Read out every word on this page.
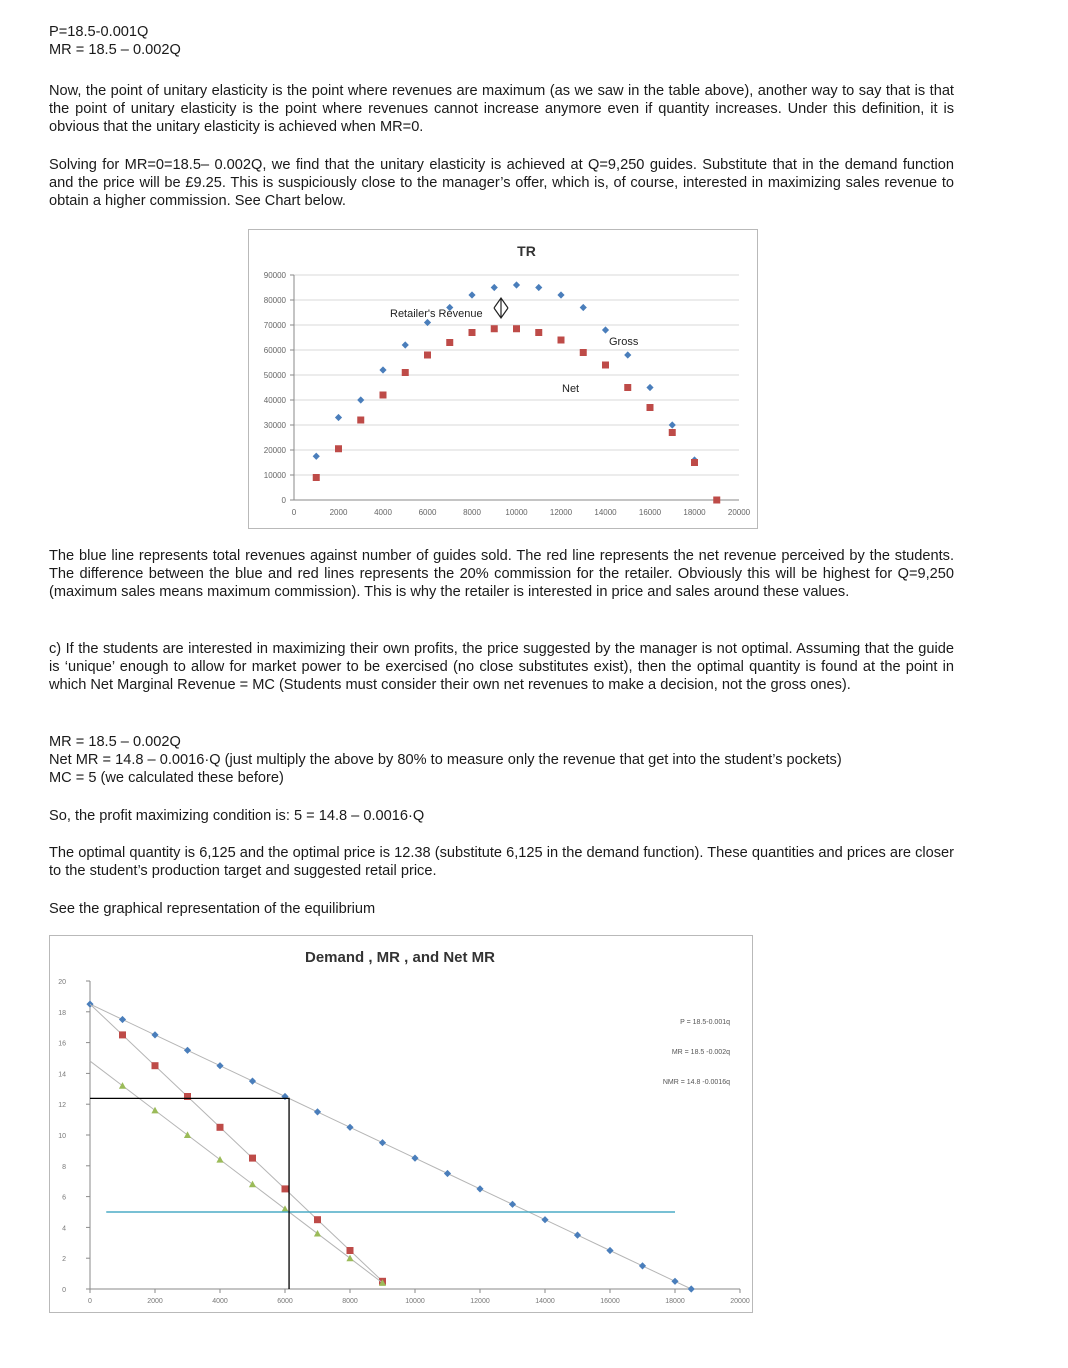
P=18.5-0.001Q
MR = 18.5 – 0.002Q
Now, the point of unitary elasticity is the point where revenues are maximum (as we saw in the table above), another way to say that is that the point of unitary elasticity is the point where revenues cannot increase anymore even if quantity increases. Under this definition, it is obvious that the unitary elasticity is achieved when MR=0.
Solving for MR=0=18.5– 0.002Q, we find that the unitary elasticity is achieved at Q=9,250 guides. Substitute that in the demand function and the price will be £9.25. This is suspiciously close to the manager’s offer, which is, of course, interested in maximizing sales revenue to obtain a higher commission. See Chart below.
0
10000
20000
30000
40000
50000
60000
70000
80000
90000
0	2000	4000	6000	8000	10000	12000	14000	16000	18000	20000
TR
Retailer's Revenue
Gross
Net
The blue line represents total revenues against number of guides sold. The red line represents the net revenue perceived by the students. The difference between the blue and red lines represents the 20% commission for the retailer. Obviously this will be highest for Q=9,250 (maximum sales means maximum commission). This is why the retailer is interested in price and sales around these values.
c) If the students are interested in maximizing their own profits, the price suggested by the manager is not optimal. Assuming that the guide is ‘unique’ enough to allow for market power to be exercised (no close substitutes exist), then the optimal quantity is found at the point in which Net Marginal Revenue = MC (Students must consider their own net revenues to make a decision, not the gross ones).
MR = 18.5 – 0.002Q
Net MR = 14.8 – 0.0016·Q (just multiply the above by 80% to measure only the revenue that get into the student’s pockets)
MC = 5 (we calculated these before)
So, the profit maximizing condition is: 5 = 14.8 – 0.0016·Q
The optimal quantity is 6,125 and the optimal price is 12.38 (substitute 6,125 in the demand function). These quantities and prices are closer to the student’s production target and suggested retail price.
See the graphical representation of the equilibrium
0
2
4
6
8
10
12
14
16
18
20
0	2000	4000	6000	8000	10000	12000	14000	16000	18000	20000
Demand , MR , and Net MR
P = 18.5-0.001q
MR = 18.5 -0.002q
NMR = 14.8 -0.0016q
